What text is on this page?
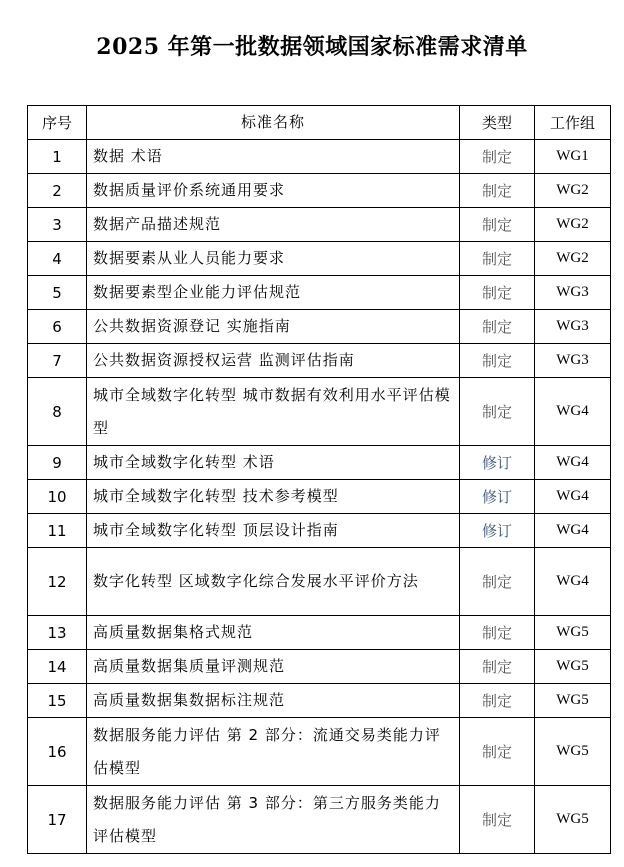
2025 年第一批数据领域国家标准需求清单
序号	标准名称	类型	工作组
1	数据 术语	制定	WG1
2	数据质量评价系统通用要求	制定	WG2
3	数据产品描述规范	制定	WG2
4	数据要素从业人员能力要求	制定	WG2
5	数据要素型企业能力评估规范	制定	WG3
6	公共数据资源登记 实施指南	制定	WG3
7	公共数据资源授权运营 监测评估指南	制定	WG3
8	城市全域数字化转型 城市数据有效利用水平评估模型	制定	WG4
9	城市全域数字化转型 术语	修订	WG4
10	城市全域数字化转型 技术参考模型	修订	WG4
11	城市全域数字化转型 顶层设计指南	修订	WG4
12	数字化转型 区域数字化综合发展水平评价方法	制定	WG4
13	高质量数据集格式规范	制定	WG5
14	高质量数据集质量评测规范	制定	WG5
15	高质量数据集数据标注规范	制定	WG5
16	数据服务能力评估 第 2 部分：流通交易类能力评估模型	制定	WG5
17	数据服务能力评估 第 3 部分：第三方服务类能力评估模型	制定	WG5
